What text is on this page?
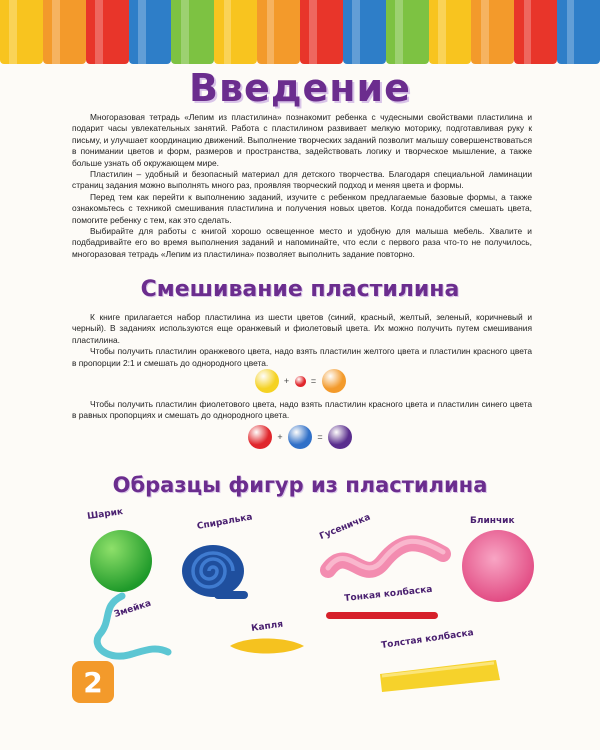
Введение

Многоразовая тетрадь «Лепим из пластилина» познакомит ребенка с чудесными свойствами пластилина и подарит часы увлекательных занятий. Работа с пластилином развивает мелкую моторику, подготавливая руку к письму, и улучшает координацию движений. Выполнение творческих заданий позволит малышу совершенствоваться в понимании цветов и форм, размеров и пространства, задействовать логику и творческое мышление, а также больше узнать об окружающем мире.

Пластилин – удобный и безопасный материал для детского творчества. Благодаря специальной ламинации страниц задания можно выполнять много раз, проявляя творческий подход и меняя цвета и формы.

Перед тем как перейти к выполнению заданий, изучите с ребенком предлагаемые базовые формы, а также ознакомьтесь с техникой смешивания пластилина и получения новых цветов. Когда понадобится смешать цвета, помогите ребенку с тем, как это сделать.

Выбирайте для работы с книгой хорошо освещенное место и удобную для малыша мебель. Хвалите и подбадривайте его во время выполнения заданий и напоминайте, что если с первого раза что-то не получилось, многоразовая тетрадь «Лепим из пластилина» позволяет выполнить задание повторно.

Смешивание пластилина

К книге прилагается набор пластилина из шести цветов (синий, красный, желтый, зеленый, коричневый и черный). В заданиях используются еще оранжевый и фиолетовый цвета. Их можно получить путем смешивания пластилина.

Чтобы получить пластилин оранжевого цвета, надо взять пластилин желтого цвета и пластилин красного цвета в пропорции 2:1 и смешать до однородного цвета.

+ =

Чтобы получить пластилин фиолетового цвета, надо взять пластилин красного цвета и пластилин синего цвета в равных пропорциях и смешать до однородного цвета.

+	=
Образцы фигур из пластилина
Шарик	Спиралька	Гусеничка	Блинчик
Змейка
Тонкая колбаска
Капля
Толстая колбаска
2
